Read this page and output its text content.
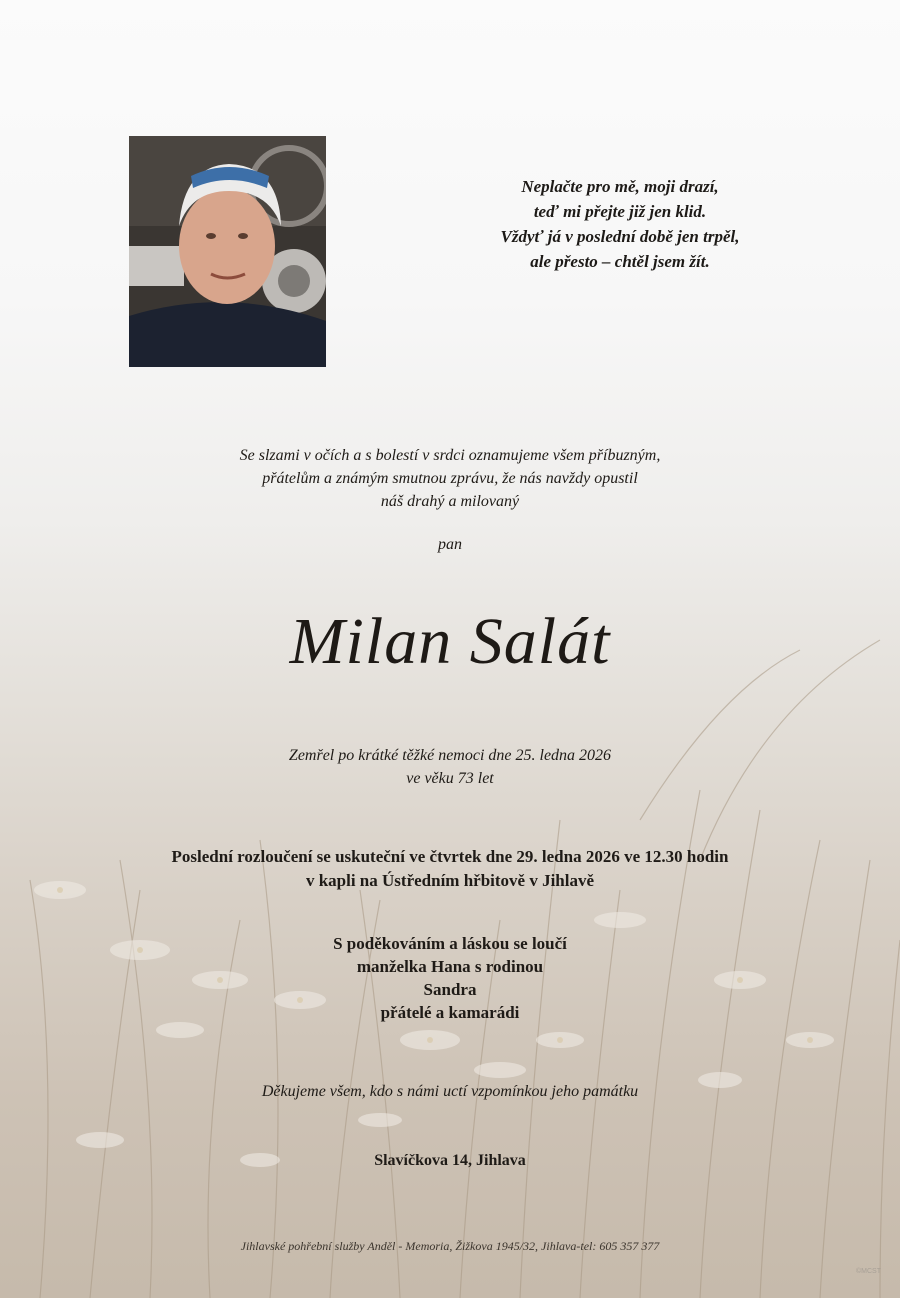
Neplačte pro mě, moji drazí,
teď mi přejte již jen klid.
Vždyť já v poslední době jen trpěl,
ale přesto – chtěl jsem žít.
Se slzami v očích a s bolestí v srdci oznamujeme všem příbuzným,
přátelům a známým smutnou zprávu, že nás navždy opustil
náš drahý a milovaný
pan
Milan Salát
Zemřel po krátké těžké nemoci dne 25. ledna 2026
ve věku 73 let
Poslední rozloučení se uskuteční ve čtvrtek dne 29. ledna 2026 ve 12.30 hodin
v kapli na Ústředním hřbitově v Jihlavě
S poděkováním a láskou se loučí
manželka Hana s rodinou
Sandra
přátelé a kamarádi
Děkujeme všem, kdo s námi uctí vzpomínkou jeho památku
Slavíčkova 14, Jihlava
Jihlavské pohřební služby Anděl - Memoria, Žižkova 1945/32, Jihlava-tel: 605 357 377
©MCST
